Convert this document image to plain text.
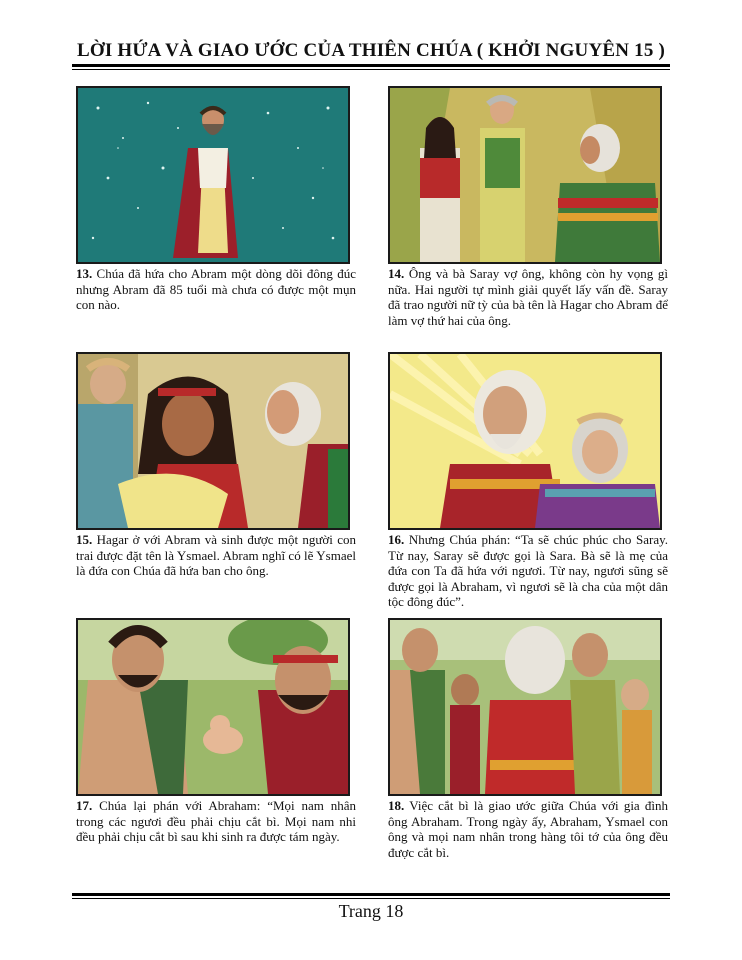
LỜI HỨA VÀ GIAO ƯỚC CỦA THIÊN CHÚA ( KHỞI NGUYÊN 15 )
13. Chúa đã hứa cho Abram một dòng dõi đông đúc nhưng Abram đã 85 tuổi mà chưa có được một mụn con nào.
14. Ông và bà Saray vợ ông, không còn hy vọng gì nữa. Hai người tự mình giải quyết lấy vấn đề. Saray đã trao người nữ tỳ của bà tên là Hagar cho Abram để làm vợ thứ hai của ông.
15. Hagar ở với Abram và sinh được một người con trai được đặt tên là Ysmael. Abram nghĩ có lẽ Ysmael là đứa con Chúa đã hứa ban cho ông.
16. Nhưng Chúa phán: “Ta sẽ chúc phúc cho Saray. Từ nay, Saray sẽ được gọi là Sara. Bà sẽ là mẹ của đứa con Ta đã hứa với ngươi. Từ nay, ngươi sũng sẽ được gọi là Abraham, vì ngươi sẽ là cha của một dân tộc đông đúc”.
17. Chúa lại phán với Abraham: “Mọi nam nhân trong các ngươi đều phải chịu cắt bì. Mọi nam nhi đều phải chịu cắt bì sau khi sinh ra được tám ngày.
18. Việc cắt bì là giao ước giữa Chúa với gia đình ông Abraham. Trong ngày ấy, Abraham, Ysmael con ông và mọi nam nhân trong hàng tôi tớ của ông đều được cắt bì.
Trang 18
